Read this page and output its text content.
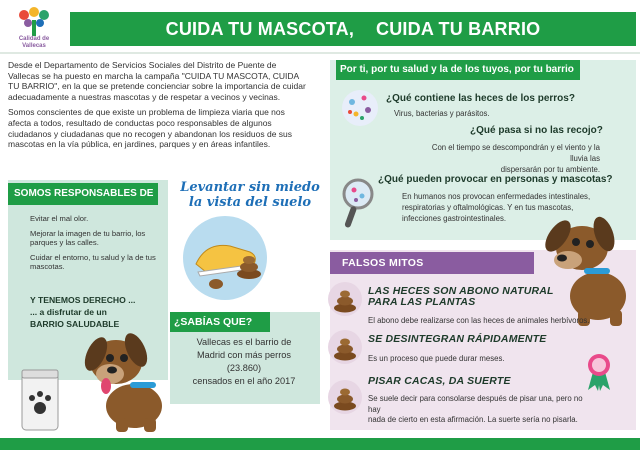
Calidad de Vallecas
CUIDA TU MASCOTA, CUIDA TU BARRIO

Desde el Departamento de Servicios Sociales del Distrito de Puente de Vallecas se ha puesto en marcha la campaña "CUIDA TU MASCOTA, CUIDA TU BARRIO", en la que se pretende concienciar sobre la importancia de cuidar adecuadamente a nuestras mascotas y de respetar a vecinos y vecinas.

Somos conscientes de que existe un problema de limpieza viaria que nos afecta a todos, resultado de conductas poco responsables de algunos ciudadanos y ciudadanas que no recogen y abandonan los residuos de sus mascotas en la vía pública, en jardines, parques y en áreas infantiles.

SOMOS RESPONSABLES DE
Evitar el mal olor.
Mejorar la imagen de tu barrio, los parques y las calles.
Cuidar el entorno, tu salud y la de tus mascotas.
Y TENEMOS DERECHO ...
... a disfrutar de un
BARRIO SALUDABLE
Levantar sin miedo
la vista del suelo
¿SABÍAS QUE?
Vallecas es el barrio de
Madrid con más perros
(23.860)
censados en el año 2017
Por ti, por tu salud y la de los tuyos, por tu barrio
¿Qué contiene las heces de los perros?
Virus, bacterias y parásitos.
¿Qué pasa si no las recojo?
Con el tiempo se descompondrán y el viento y la lluvia las
dispersarán por tu ambiente.
¿Qué pueden provocar en personas y mascotas?
En humanos nos provocan enfermedades intestinales,
respiratorias y oftalmológicas. Y en tus mascotas,
infecciones gastrointestinales.
FALSOS MITOS
LAS HECES SON ABONO NATURAL
PARA LAS PLANTAS
El abono debe realizarse con las heces de animales herbívoros.
SE DESINTEGRAN RÁPIDAMENTE
Es un proceso que puede durar meses.
PISAR CACAS, DA SUERTE
Se suele decir para consolarse después de pisar una, pero no hay
nada de cierto en esta afirmación. La suerte sería no pisarla.
